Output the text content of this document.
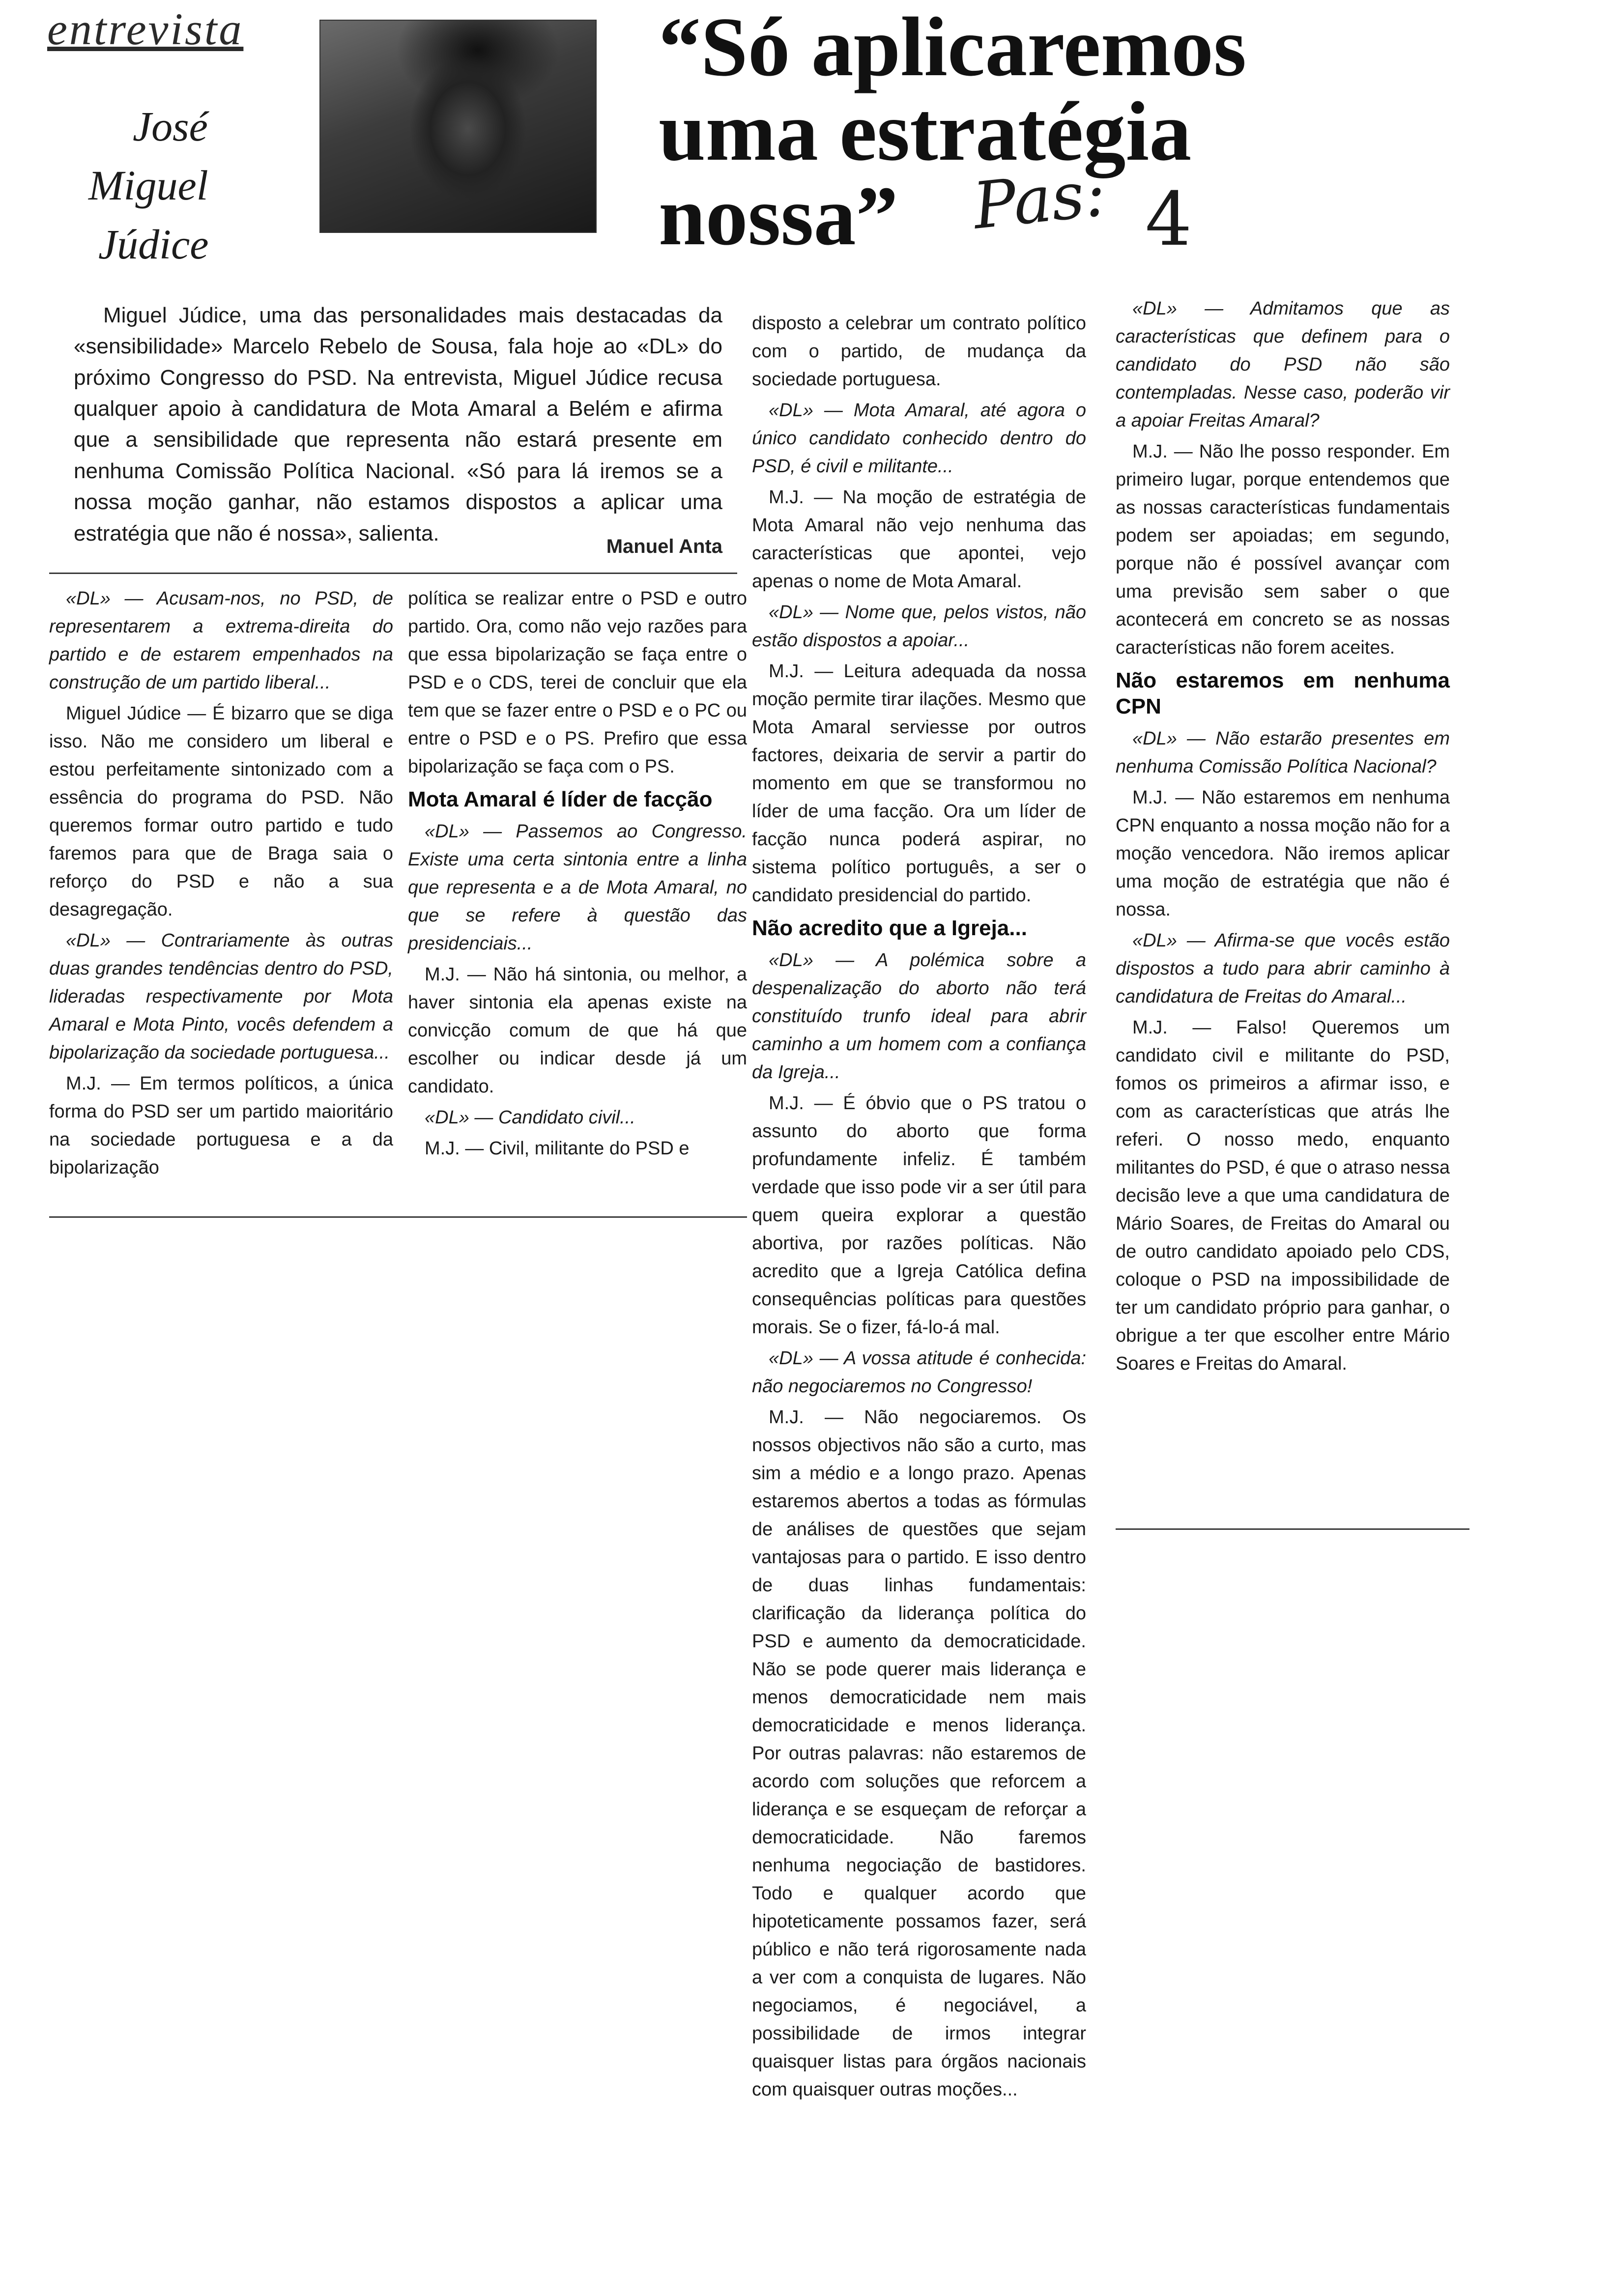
entrevista
José
Miguel
Júdice
“Só aplicaremos uma estratégia nossa”	Pas: 4
Miguel Júdice, uma das personalidades mais destacadas da «sensibilidade» Marcelo Rebelo de Sousa, fala hoje ao «DL» do próximo Congresso do PSD. Na entrevista, Miguel Júdice recusa qualquer apoio à candidatura de Mota Amaral a Belém e afirma que a sensibilidade que representa não estará presente em nenhuma Comissão Política Nacional. «Só para lá iremos se a nossa moção ganhar, não estamos dispostos a aplicar uma estratégia que não é nossa», salienta.
Manuel Anta

«DL» — Acusam-nos, no PSD, de representarem a extrema-direita do partido e de estarem empenhados na construção de um partido liberal...

Miguel Júdice — É bizarro que se diga isso. Não me considero um liberal e estou perfeitamente sintonizado com a essência do programa do PSD. Não queremos formar outro partido e tudo faremos para que de Braga saia o reforço do PSD e não a sua desagregação.

«DL» — Contrariamente às outras duas grandes tendências dentro do PSD, lideradas respectivamente por Mota Amaral e Mota Pinto, vocês defendem a bipolarização da sociedade portuguesa...

M.J. — Em termos políticos, a única forma do PSD ser um partido maioritário na sociedade portuguesa e a da bipolarização

política se realizar entre o PSD e outro partido. Ora, como não vejo razões para que essa bipolarização se faça entre o PSD e o CDS, terei de concluir que ela tem que se fazer entre o PSD e o PC ou entre o PSD e o PS. Prefiro que essa bipolarização se faça com o PS.

Mota Amaral é líder de facção

«DL» — Passemos ao Congresso. Existe uma certa sintonia entre a linha que representa e a de Mota Amaral, no que se refere à questão das presidenciais...

M.J. — Não há sintonia, ou melhor, a haver sintonia ela apenas existe na convicção comum de que há que escolher ou indicar desde já um candidato.

«DL» — Candidato civil...

M.J. — Civil, militante do PSD e

disposto a celebrar um contrato político com o partido, de mudança da sociedade portuguesa.

«DL» — Mota Amaral, até agora o único candidato conhecido dentro do PSD, é civil e militante...

M.J. — Na moção de estratégia de Mota Amaral não vejo nenhuma das características que apontei, vejo apenas o nome de Mota Amaral.

«DL» — Nome que, pelos vistos, não estão dispostos a apoiar...

M.J. — Leitura adequada da nossa moção permite tirar ilações. Mesmo que Mota Amaral serviesse por outros factores, deixaria de servir a partir do momento em que se transformou no líder de uma facção. Ora um líder de facção nunca poderá aspirar, no sistema político português, a ser o candidato presidencial do partido.

Não acredito que a Igreja...

«DL» — A polémica sobre a despenalização do aborto não terá constituído trunfo ideal para abrir caminho a um homem com a confiança da Igreja...

M.J. — É óbvio que o PS tratou o assunto do aborto que forma profundamente infeliz. É também verdade que isso pode vir a ser útil para quem queira explorar a questão abortiva, por razões políticas. Não acredito que a Igreja Católica defina consequências políticas para questões morais. Se o fizer, fá-lo-á mal.

«DL» — A vossa atitude é conhecida: não negociaremos no Congresso!

M.J. — Não negociaremos. Os nossos objectivos não são a curto, mas sim a médio e a longo prazo. Apenas estaremos abertos a todas as fórmulas de análises de questões que sejam vantajosas para o partido. E isso dentro de duas linhas fundamentais: clarificação da liderança política do PSD e aumento da democraticidade. Não se pode querer mais liderança e menos democraticidade nem mais democraticidade e menos liderança. Por outras palavras: não estaremos de acordo com soluções que reforcem a liderança e se esqueçam de reforçar a democraticidade. Não faremos nenhuma negociação de bastidores. Todo e qualquer acordo que hipoteticamente possamos fazer, será público e não terá rigorosamente nada a ver com a conquista de lugares. Não negociamos, é negociável, a possibilidade de irmos integrar quaisquer listas para órgãos nacionais com quaisquer outras moções...

«DL» — Admitamos que as características que definem para o candidato do PSD não são contempladas. Nesse caso, poderão vir a apoiar Freitas Amaral?

M.J. — Não lhe posso responder. Em primeiro lugar, porque entendemos que as nossas características fundamentais podem ser apoiadas; em segundo, porque não é possível avançar com uma previsão sem saber o que acontecerá em concreto se as nossas características não forem aceites.

Não estaremos em nenhuma CPN

«DL» — Não estarão presentes em nenhuma Comissão Política Nacional?

M.J. — Não estaremos em nenhuma CPN enquanto a nossa moção não for a moção vencedora. Não iremos aplicar uma moção de estratégia que não é nossa.

«DL» — Afirma-se que vocês estão dispostos a tudo para abrir caminho à candidatura de Freitas do Amaral...

M.J. — Falso! Queremos um candidato civil e militante do PSD, fomos os primeiros a afirmar isso, e com as características que atrás lhe referi. O nosso medo, enquanto militantes do PSD, é que o atraso nessa decisão leve a que uma candidatura de Mário Soares, de Freitas do Amaral ou de outro candidato apoiado pelo CDS, coloque o PSD na impossibilidade de ter um candidato próprio para ganhar, o obrigue a ter que escolher entre Mário Soares e Freitas do Amaral.
